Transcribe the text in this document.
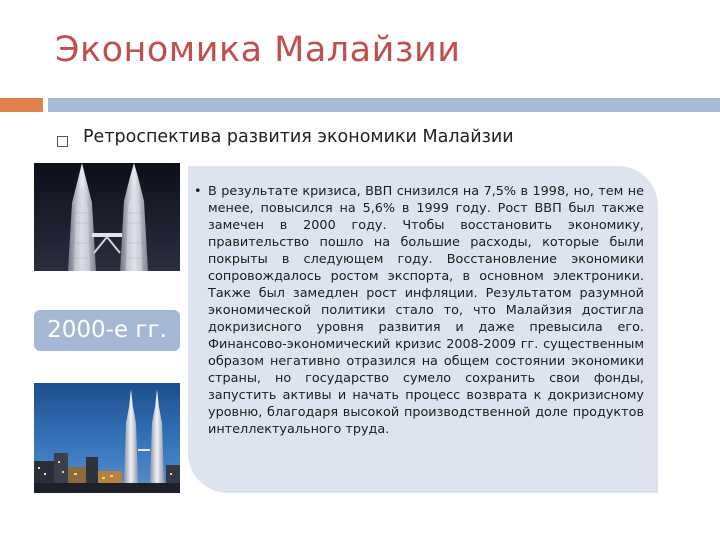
Экономика Малайзии
Ретроспектива развития экономики Малайзии
2000-е гг.
• В результате кризиса, ВВП снизился на 7,5% в 1998, но, тем не менее, повысился на 5,6% в 1999 году. Рост ВВП был также замечен в 2000 году. Чтобы восстановить экономику, правительство пошло на большие расходы, которые были покрыты в следующем году. Восстановление экономики сопровождалось ростом экспорта, в основном электроники. Также был замедлен рост инфляции. Результатом разумной экономической политики стало то, что Малайзия достигла докризисного уровня развития и даже превысила его. Финансово-экономический кризис 2008-2009 гг. существенным образом негативно отразился на общем состоянии экономики страны, но государство сумело сохранить свои фонды, запустить активы и начать процесс возврата к докризисному уровню, благодаря высокой производственной доле продуктов интеллектуального труда.
